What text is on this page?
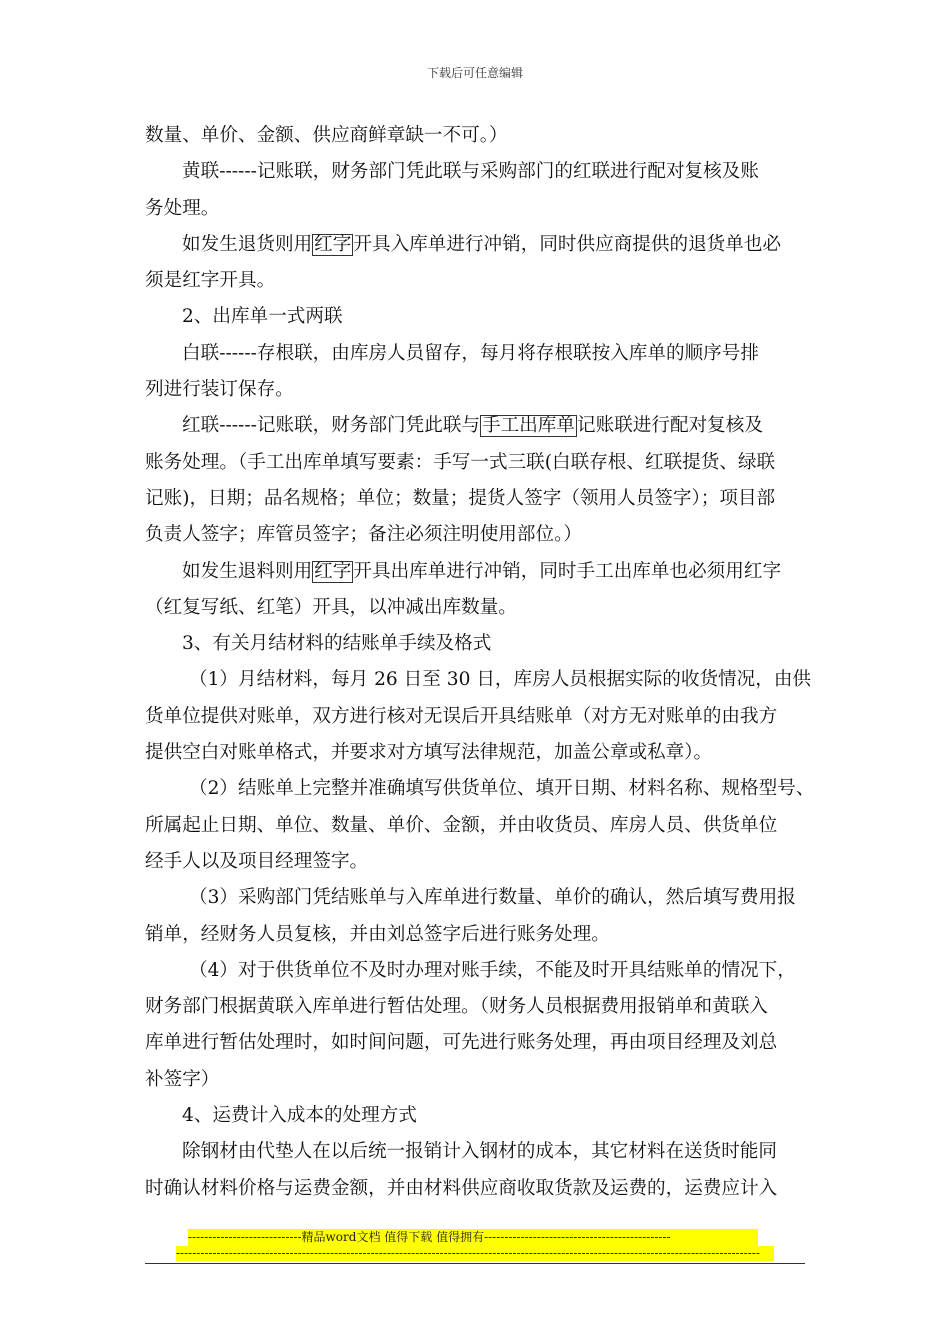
下载后可任意编辑
数量、单价、金额、供应商鲜章缺一不可。）
黄联------记账联，财务部门凭此联与采购部门的红联进行配对复核及账
务处理。
如发生退货则用 红字 开具入库单进行冲销，同时供应商提供的退货单也必
须是红字开具。
2、出库单一式两联
白联------存根联，由库房人员留存，每月将存根联按入库单的顺序号排
列进行装订保存。
红联------记账联，财务部门凭此联与 手工出库单 记账联进行配对复核及
账务处理。（手工出库单填写要素：手写一式三联(白联存根、红联提货、绿联
记账)，日期；品名规格；单位；数量；提货人签字（领用人员签字）；项目部
负责人签字；库管员签字；备注必须注明使用部位。）
如发生退料则用 红字 开具出库单进行冲销，同时手工出库单也必须用红字
（红复写纸、红笔）开具，以冲减出库数量。
3、有关月结材料的结账单手续及格式
（1）月结材料，每月 26 日至 30 日，库房人员根据实际的收货情况，由供
货单位提供对账单，双方进行核对无误后开具结账单（对方无对账单的由我方
提供空白对账单格式，并要求对方填写法律规范，加盖公章或私章）。
（2）结账单上完整并准确填写供货单位、填开日期、材料名称、规格型号、
所属起止日期、单位、数量、单价、金额，并由收货员、库房人员、供货单位
经手人以及项目经理签字。
（3）采购部门凭结账单与入库单进行数量、单价的确认，然后填写费用报
销单，经财务人员复核，并由刘总签字后进行账务处理。
（4）对于供货单位不及时办理对账手续，不能及时开具结账单的情况下，
财务部门根据黄联入库单进行暂估处理。（财务人员根据费用报销单和黄联入
库单进行暂估处理时，如时间问题，可先进行账务处理，再由项目经理及刘总
补签字）
4、运费计入成本的处理方式
除钢材由代垫人在以后统一报销计入钢材的成本，其它材料在送货时能同
时确认材料价格与运费金额，并由材料供应商收取货款及运费的，运费应计入
----------------------------精品word文档 值得下载 值得拥有----------------------------------------------
------------------------------------------------------------------------------------------------------------------------------------------------
